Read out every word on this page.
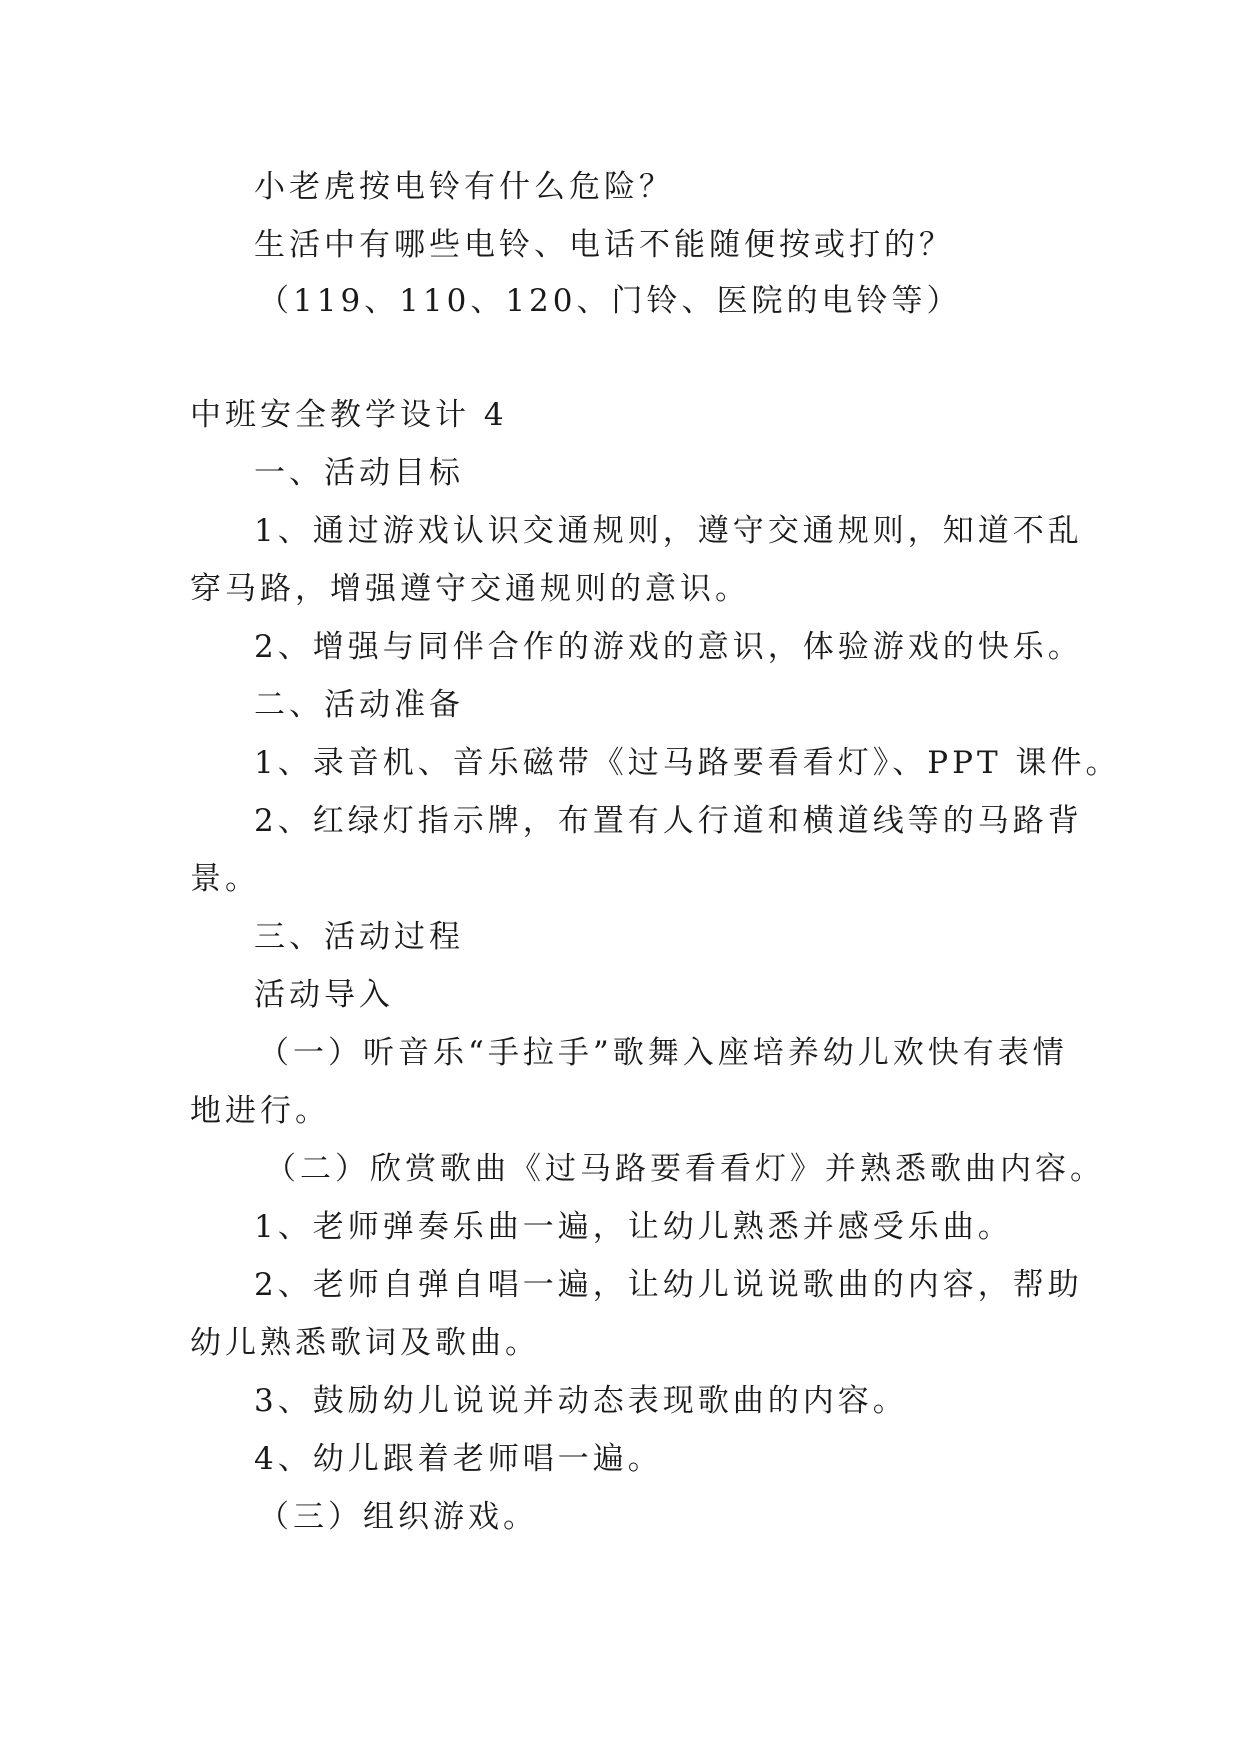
小老虎按电铃有什么危险？
生活中有哪些电铃、电话不能随便按或打的？
（119、110、120、门铃、医院的电铃等）
中班安全教学设计 4
一、活动目标
1、通过游戏认识交通规则，遵守交通规则，知道不乱
穿马路，增强遵守交通规则的意识。
2、增强与同伴合作的游戏的意识，体验游戏的快乐。
二、活动准备
1、录音机、音乐磁带《过马路要看看灯》、PPT 课件。
2、红绿灯指示牌，布置有人行道和横道线等的马路背
景。
三、活动过程
活动导入
（一）听音乐“手拉手”歌舞入座培养幼儿欢快有表情
地进行。
（二）欣赏歌曲《过马路要看看灯》并熟悉歌曲内容。
1、老师弹奏乐曲一遍，让幼儿熟悉并感受乐曲。
2、老师自弹自唱一遍，让幼儿说说歌曲的内容，帮助
幼儿熟悉歌词及歌曲。
3、鼓励幼儿说说并动态表现歌曲的内容。
4、幼儿跟着老师唱一遍。
（三）组织游戏。
